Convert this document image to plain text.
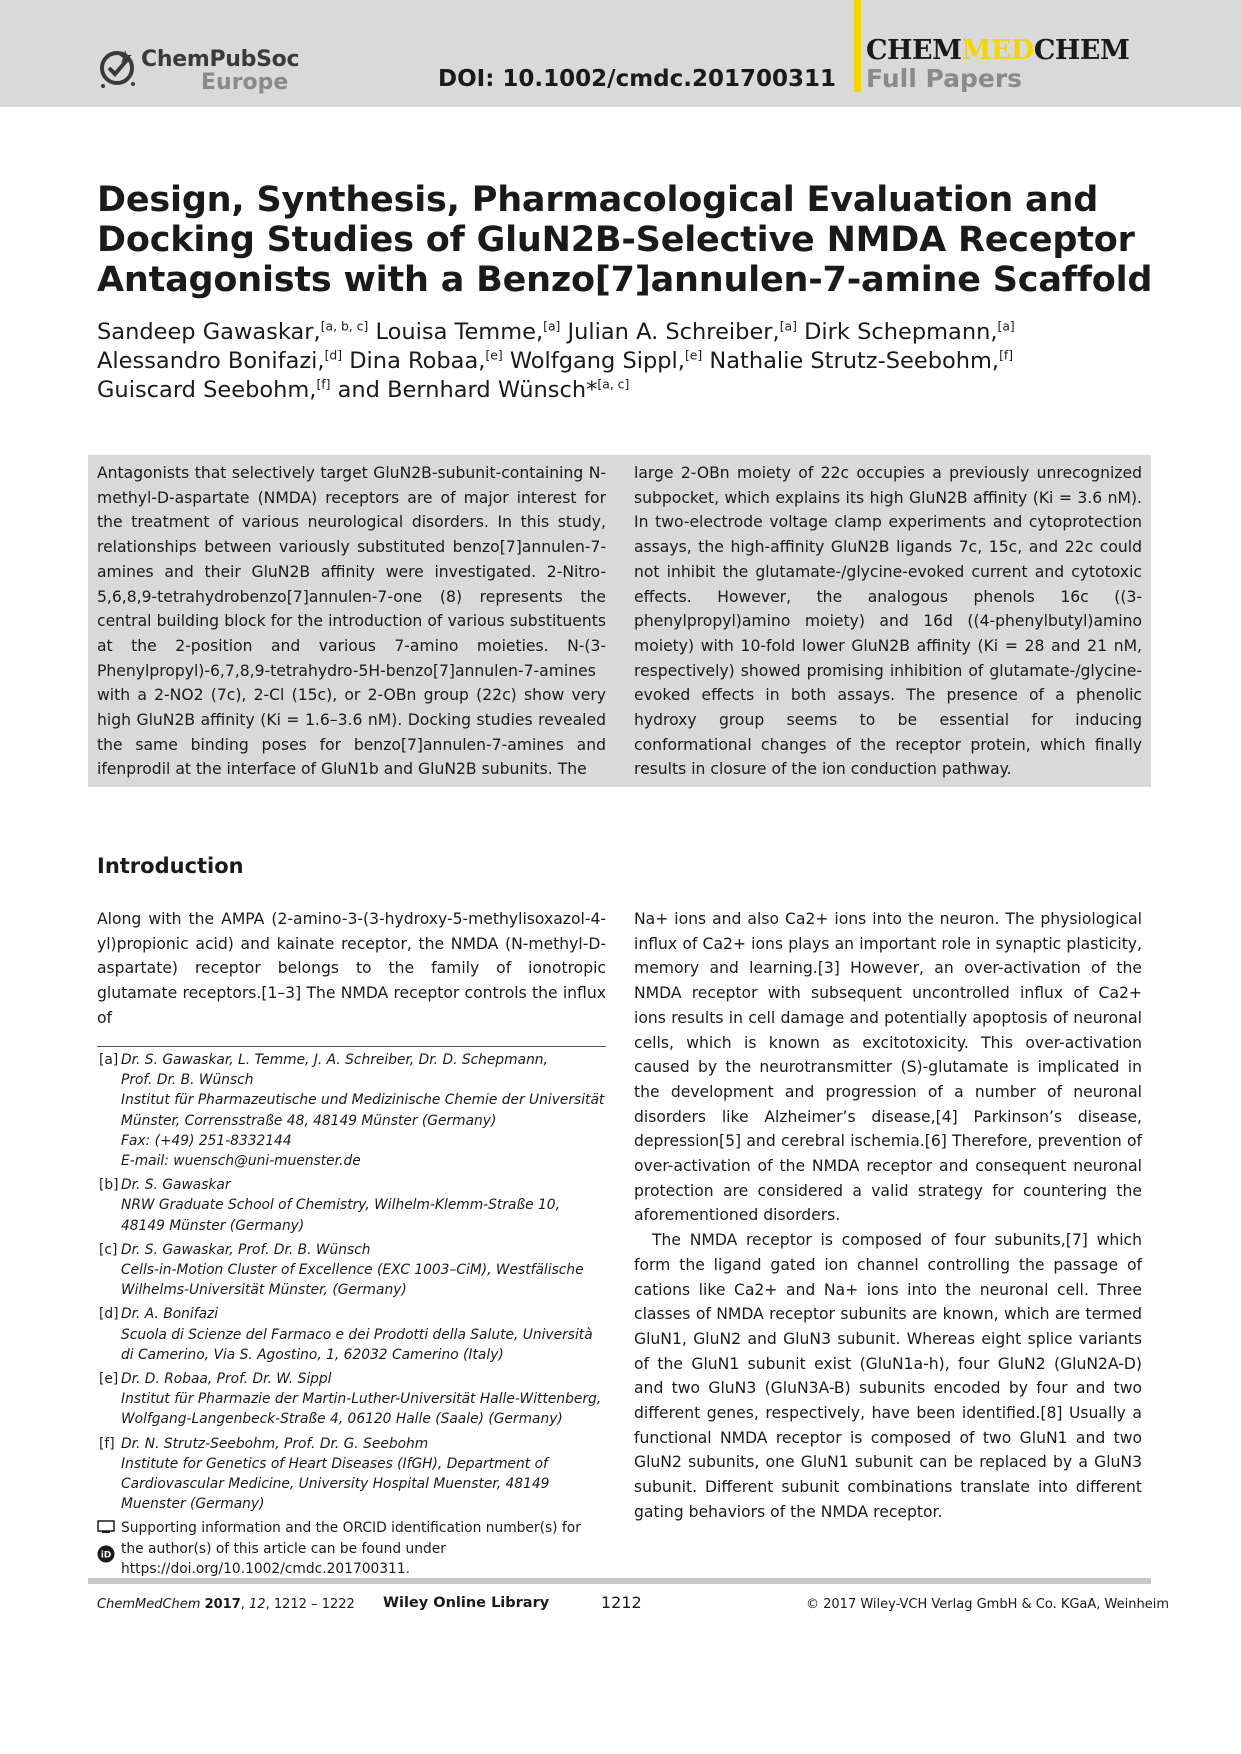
ChemPubSoc
Europe	DOI: 10.1002/cmdc.201700311
CHEMMEDCHEM
Full Papers
Design, Synthesis, Pharmacological Evaluation and Docking Studies of GluN2B-Selective NMDA Receptor Antagonists with a Benzo[7]annulen-7-amine Scaffold
Sandeep Gawaskar,[a, b, c] Louisa Temme,[a] Julian A. Schreiber,[a] Dirk Schepmann,[a]
Alessandro Bonifazi,[d] Dina Robaa,[e] Wolfgang Sippl,[e] Nathalie Strutz-Seebohm,[f]
Guiscard Seebohm,[f] and Bernhard Wünsch*[a, c]

Antagonists that selectively target GluN2B-subunit-containing N-methyl-D-aspartate (NMDA) receptors are of major interest for the treatment of various neurological disorders. In this study, relationships between variously substituted benzo[7]annulen-7-amines and their GluN2B affinity were investigated. 2-Nitro-5,6,8,9-tetrahydrobenzo[7]annulen-7-one (8) represents the central building block for the introduction of various substituents at the 2-position and various 7-amino moieties. N-(3-Phenylpropyl)-6,7,8,9-tetrahydro-5H-benzo[7]annulen-7-amines with a 2-NO2 (7c), 2-Cl (15c), or 2-OBn group (22c) show very high GluN2B affinity (Ki = 1.6–3.6 nM). Docking studies revealed the same binding poses for benzo[7]annulen-7-amines and ifenprodil at the interface of GluN1b and GluN2B subunits. The

large 2-OBn moiety of 22c occupies a previously unrecognized subpocket, which explains its high GluN2B affinity (Ki = 3.6 nM). In two-electrode voltage clamp experiments and cytoprotection assays, the high-affinity GluN2B ligands 7c, 15c, and 22c could not inhibit the glutamate-/glycine-evoked current and cytotoxic effects. However, the analogous phenols 16c ((3-phenylpropyl)amino moiety) and 16d ((4-phenylbutyl)amino moiety) with 10-fold lower GluN2B affinity (Ki = 28 and 21 nM, respectively) showed promising inhibition of glutamate-/glycine-evoked effects in both assays. The presence of a phenolic hydroxy group seems to be essential for inducing conformational changes of the receptor protein, which finally results in closure of the ion conduction pathway.

Introduction

Along with the AMPA (2-amino-3-(3-hydroxy-5-methylisoxazol-4-yl)propionic acid) and kainate receptor, the NMDA (N-methyl-D-aspartate) receptor belongs to the family of ionotropic glutamate receptors.[1–3] The NMDA receptor controls the influx of

Na+ ions and also Ca2+ ions into the neuron. The physiological influx of Ca2+ ions plays an important role in synaptic plasticity, memory and learning.[3] However, an over-activation of the NMDA receptor with subsequent uncontrolled influx of Ca2+ ions results in cell damage and potentially apoptosis of neuronal cells, which is known as excitotoxicity. This over-activation caused by the neurotransmitter (S)-glutamate is implicated in the development and progression of a number of neuronal disorders like Alzheimer’s disease,[4] Parkinson’s disease, depression[5] and cerebral ischemia.[6] Therefore, prevention of over-activation of the NMDA receptor and consequent neuronal protection are considered a valid strategy for countering the aforementioned disorders.

The NMDA receptor is composed of four subunits,[7] which form the ligand gated ion channel controlling the passage of cations like Ca2+ and Na+ ions into the neuronal cell. Three classes of NMDA receptor subunits are known, which are termed GluN1, GluN2 and GluN3 subunit. Whereas eight splice variants of the GluN1 subunit exist (GluN1a-h), four GluN2 (GluN2A-D) and two GluN3 (GluN3A-B) subunits encoded by four and two different genes, respectively, have been identified.[8] Usually a functional NMDA receptor is composed of two GluN1 and two GluN2 subunits, one GluN1 subunit can be replaced by a GluN3 subunit. Different subunit combinations translate into different gating behaviors of the NMDA receptor.

[a] Dr. S. Gawaskar, L. Temme, J. A. Schreiber, Dr. D. Schepmann,
Prof. Dr. B. Wünsch
Institut für Pharmazeutische und Medizinische Chemie der Universität Münster, Corrensstraße 48, 48149 Münster (Germany)
Fax: (+49) 251-8332144
E-mail: wuensch@uni-muenster.de
[b] Dr. S. Gawaskar
NRW Graduate School of Chemistry, Wilhelm-Klemm-Straße 10, 48149 Münster (Germany)
[c] Dr. S. Gawaskar, Prof. Dr. B. Wünsch
Cells-in-Motion Cluster of Excellence (EXC 1003–CiM), Westfälische Wilhelms-Universität Münster, (Germany)
[d] Dr. A. Bonifazi
Scuola di Scienze del Farmaco e dei Prodotti della Salute, Università di Camerino, Via S. Agostino, 1, 62032 Camerino (Italy)
[e] Dr. D. Robaa, Prof. Dr. W. Sippl
Institut für Pharmazie der Martin-Luther-Universität Halle-Wittenberg, Wolfgang-Langenbeck-Straße 4, 06120 Halle (Saale) (Germany)
[f] Dr. N. Strutz-Seebohm, Prof. Dr. G. Seebohm
Institute for Genetics of Heart Diseases (IfGH), Department of Cardiovascular Medicine, University Hospital Muenster, 48149 Muenster (Germany)

iD
Supporting information and the ORCID identification number(s) for the author(s) of this article can be found under https://doi.org/10.1002/cmdc.201700311.
ChemMedChem 2017, 12, 1212 – 1222 Wiley Online Library	1212	© 2017 Wiley-VCH Verlag GmbH & Co. KGaA, Weinheim
